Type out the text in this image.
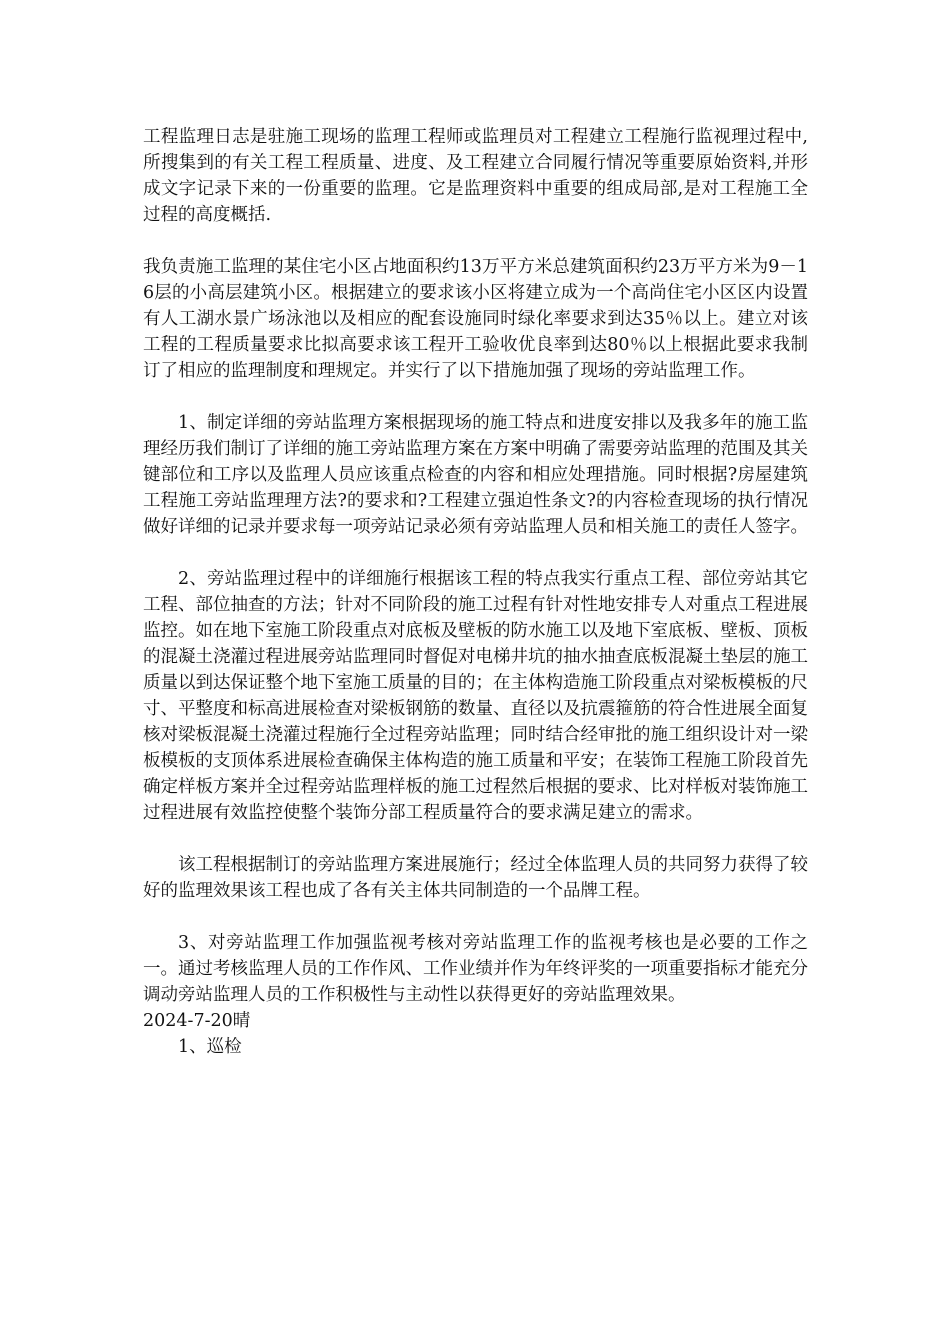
工程监理日志是驻施工现场的监理工程师或监理员对工程建立工程施行监视理过程中,所搜集到的有关工程工程质量、进度、及工程建立合同履行情况等重要原始资料,并形成文字记录下来的一份重要的监理。它是监理资料中重要的组成局部,是对工程施工全过程的高度概括.

我负责施工监理的某住宅小区占地面积约13万平方米总建筑面积约23万平方米为9－16层的小高层建筑小区。根据建立的要求该小区将建立成为一个高尚住宅小区区内设置有人工湖水景广场泳池以及相应的配套设施同时绿化率要求到达35％以上。建立对该工程的工程质量要求比拟高要求该工程开工验收优良率到达80％以上根据此要求我制订了相应的监理制度和理规定。并实行了以下措施加强了现场的旁站监理工作。

1、制定详细的旁站监理方案根据现场的施工特点和进度安排以及我多年的施工监理经历我们制订了详细的施工旁站监理方案在方案中明确了需要旁站监理的范围及其关键部位和工序以及监理人员应该重点检查的内容和相应处理措施。同时根据?房屋建筑工程施工旁站监理理方法?的要求和?工程建立强迫性条文?的内容检查现场的执行情况做好详细的记录并要求每一项旁站记录必须有旁站监理人员和相关施工的责任人签字。

2、旁站监理过程中的详细施行根据该工程的特点我实行重点工程、部位旁站其它工程、部位抽查的方法；针对不同阶段的施工过程有针对性地安排专人对重点工程进展监控。如在地下室施工阶段重点对底板及壁板的防水施工以及地下室底板、壁板、顶板的混凝土浇灌过程进展旁站监理同时督促对电梯井坑的抽水抽查底板混凝土垫层的施工质量以到达保证整个地下室施工质量的目的；在主体构造施工阶段重点对梁板模板的尺寸、平整度和标高进展检查对梁板钢筋的数量、直径以及抗震箍筋的符合性进展全面复核对梁板混凝土浇灌过程施行全过程旁站监理；同时结合经审批的施工组织设计对一梁板模板的支顶体系进展检查确保主体构造的施工质量和平安；在装饰工程施工阶段首先确定样板方案并全过程旁站监理样板的施工过程然后根据的要求、比对样板对装饰施工过程进展有效监控使整个装饰分部工程质量符合的要求满足建立的需求。

该工程根据制订的旁站监理方案进展施行；经过全体监理人员的共同努力获得了较好的监理效果该工程也成了各有关主体共同制造的一个品牌工程。

3、对旁站监理工作加强监视考核对旁站监理工作的监视考核也是必要的工作之一。通过考核监理人员的工作作风、工作业绩并作为年终评奖的一项重要指标才能充分调动旁站监理人员的工作积极性与主动性以获得更好的旁站监理效果。

2024-7-20晴

1、巡检
